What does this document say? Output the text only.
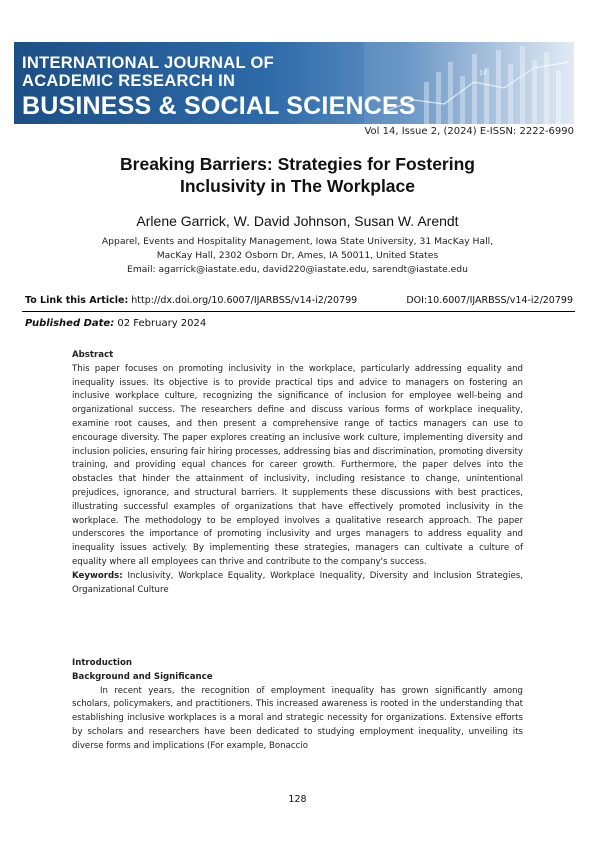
INTERNATIONAL JOURNAL OF
ACADEMIC RESEARCH IN
BUSINESS & SOCIAL SCIENCES
14
Vol 14, Issue 2, (2024) E-ISSN: 2222-6990
Breaking Barriers: Strategies for Fostering
Inclusivity in The Workplace
Arlene Garrick, W. David Johnson, Susan W. Arendt
Apparel, Events and Hospitality Management, Iowa State University, 31 MacKay Hall,
MacKay Hall, 2302 Osborn Dr, Ames, IA 50011, United States
Email: agarrick@iastate.edu, david220@iastate.edu, sarendt@iastate.edu
To Link this Article: http://dx.doi.org/10.6007/IJARBSS/v14-i2/20799	DOI:10.6007/IJARBSS/v14-i2/20799
Published Date: 02 February 2024
Abstract
This paper focuses on promoting inclusivity in the workplace, particularly addressing equality and inequality issues. Its objective is to provide practical tips and advice to managers on fostering an inclusive workplace culture, recognizing the significance of inclusion for employee well-being and organizational success. The researchers define and discuss various forms of workplace inequality, examine root causes, and then present a comprehensive range of tactics managers can use to encourage diversity. The paper explores creating an inclusive work culture, implementing diversity and inclusion policies, ensuring fair hiring processes, addressing bias and discrimination, promoting diversity training, and providing equal chances for career growth. Furthermore, the paper delves into the obstacles that hinder the attainment of inclusivity, including resistance to change, unintentional prejudices, ignorance, and structural barriers. It supplements these discussions with best practices, illustrating successful examples of organizations that have effectively promoted inclusivity in the workplace. The methodology to be employed involves a qualitative research approach. The paper underscores the importance of promoting inclusivity and urges managers to address equality and inequality issues actively. By implementing these strategies, managers can cultivate a culture of equality where all employees can thrive and contribute to the company's success.
Keywords: Inclusivity, Workplace Equality, Workplace Inequality, Diversity and Inclusion Strategies, Organizational Culture
Introduction
Background and Significance
In recent years, the recognition of employment inequality has grown significantly among scholars, policymakers, and practitioners. This increased awareness is rooted in the understanding that establishing inclusive workplaces is a moral and strategic necessity for organizations. Extensive efforts by scholars and researchers have been dedicated to studying employment inequality, unveiling its diverse forms and implications (For example, Bonaccio
128
